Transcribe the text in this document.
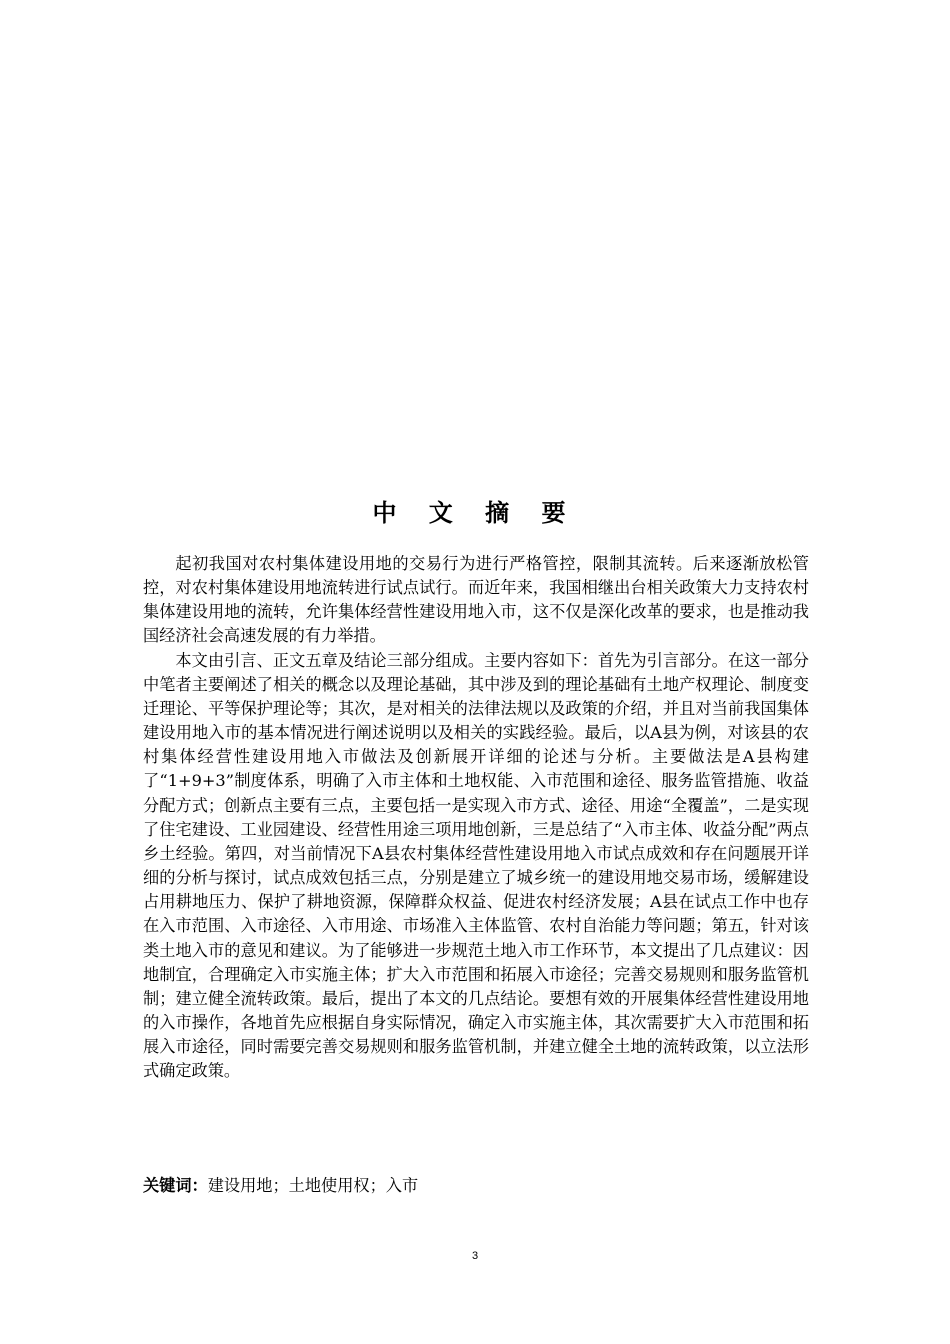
中 文 摘 要

起初我国对农村集体建设用地的交易行为进行严格管控，限制其流转。后来逐渐放松管控，对农村集体建设用地流转进行试点试行。而近年来，我国相继出台相关政策大力支持农村集体建设用地的流转，允许集体经营性建设用地入市，这不仅是深化改革的要求，也是推动我国经济社会高速发展的有力举措。

本文由引言、正文五章及结论三部分组成。主要内容如下：首先为引言部分。在这一部分中笔者主要阐述了相关的概念以及理论基础，其中涉及到的理论基础有土地产权理论、制度变迁理论、平等保护理论等；其次，是对相关的法律法规以及政策的介绍，并且对当前我国集体建设用地入市的基本情况进行阐述说明以及相关的实践经验。最后，以A县为例，对该县的农村集体经营性建设用地入市做法及创新展开详细的论述与分析。主要做法是A县构建了“1+9+3”制度体系，明确了入市主体和土地权能、入市范围和途径、服务监管措施、收益分配方式；创新点主要有三点，主要包括一是实现入市方式、途径、用途“全覆盖”，二是实现了住宅建设、工业园建设、经营性用途三项用地创新，三是总结了“入市主体、收益分配”两点乡土经验。第四，对当前情况下A县农村集体经营性建设用地入市试点成效和存在问题展开详细的分析与探讨，试点成效包括三点，分别是建立了城乡统一的建设用地交易市场，缓解建设占用耕地压力、保护了耕地资源，保障群众权益、促进农村经济发展；A县在试点工作中也存在入市范围、入市途径、入市用途、市场准入主体监管、农村自治能力等问题；第五，针对该类土地入市的意见和建议。为了能够进一步规范土地入市工作环节，本文提出了几点建议：因地制宜，合理确定入市实施主体；扩大入市范围和拓展入市途径；完善交易规则和服务监管机制；建立健全流转政策。最后，提出了本文的几点结论。要想有效的开展集体经营性建设用地的入市操作，各地首先应根据自身实际情况，确定入市实施主体，其次需要扩大入市范围和拓展入市途径，同时需要完善交易规则和服务监管机制，并建立健全土地的流转政策，以立法形式确定政策。

关键词：建设用地；土地使用权；入市

3
